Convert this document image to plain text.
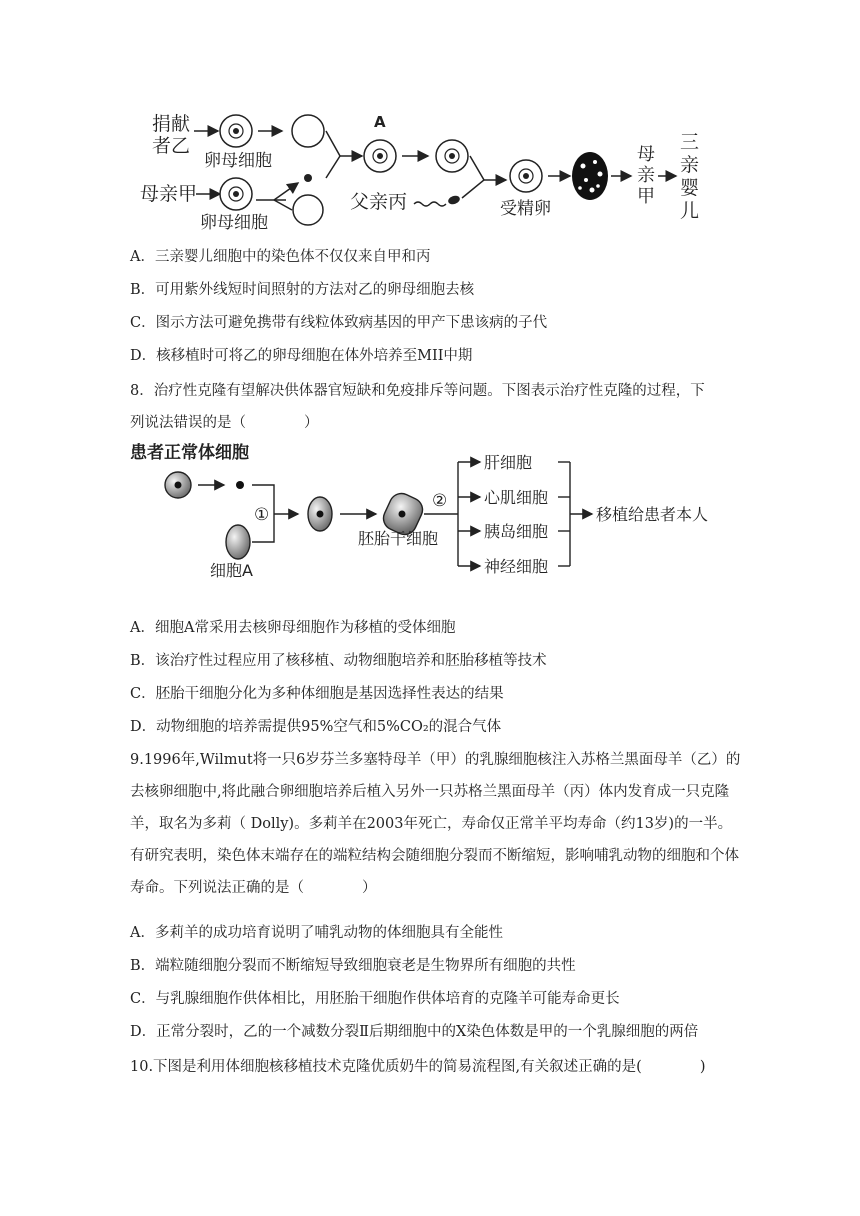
捐献
者乙
卵母细胞
母亲甲
卵母细胞
A
父亲丙	受精卵
母
亲
甲
三
亲
婴
儿
A．三亲婴儿细胞中的染色体不仅仅来自甲和丙
B．可用紫外线短时间照射的方法对乙的卵母细胞去核
C．图示方法可避免携带有线粒体致病基因的甲产下患该病的子代
D．核移植时可将乙的卵母细胞在体外培养至MII中期
8．治疗性克隆有望解决供体器官短缺和免疫排斥等问题。下图表示治疗性克隆的过程，下
列说法错误的是（　　　　）
患者正常体细胞
①
细胞A
胚胎干细胞
②
肝细胞
心肌细胞
胰岛细胞
神经细胞
移植给患者本人
A．细胞A常采用去核卵母细胞作为移植的受体细胞
B．该治疗性过程应用了核移植、动物细胞培养和胚胎移植等技术
C．胚胎干细胞分化为多种体细胞是基因选择性表达的结果
D．动物细胞的培养需提供95%空气和5%CO₂的混合气体
9.1996年,Wilmut将一只6岁芬兰多塞特母羊（甲）的乳腺细胞核注入苏格兰黑面母羊（乙）的去核卵细胞中,将此融合卵细胞培养后植入另外一只苏格兰黑面母羊（丙）体内发育成一只克隆羊，取名为多莉（ Dolly)。多莉羊在2003年死亡，寿命仅正常羊平均寿命（约13岁)的一半。有研究表明，染色体末端存在的端粒结构会随细胞分裂而不断缩短，影响哺乳动物的细胞和个体寿命。下列说法正确的是（　　　　）
A．多莉羊的成功培育说明了哺乳动物的体细胞具有全能性
B．端粒随细胞分裂而不断缩短导致细胞衰老是生物界所有细胞的共性
C．与乳腺细胞作供体相比，用胚胎干细胞作供体培育的克隆羊可能寿命更长
D．正常分裂时，乙的一个减数分裂Ⅱ后期细胞中的X染色体数是甲的一个乳腺细胞的两倍
10.下图是利用体细胞核移植技术克隆优质奶牛的简易流程图,有关叙述正确的是(　　　　)
